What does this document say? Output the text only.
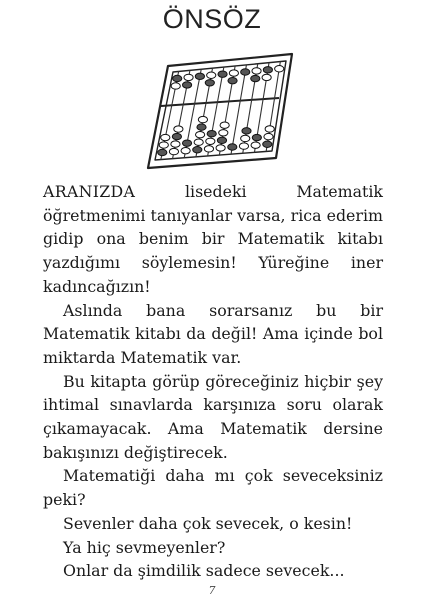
ÖNSÖZ

ARANIZDA lisedeki Matematik öğretmenimi tanıyanlar varsa, rica ederim gidip ona benim bir Matematik kitabı yazdığımı söylemesin! Yüreğine iner kadıncağızın!

Aslında bana sorarsanız bu bir Matematik kitabı da değil! Ama içinde bol miktarda Matematik var.

Bu kitapta görüp göreceğiniz hiçbir şey ihtimal sınavlarda karşınıza soru olarak çıkamayacak. Ama Matematik dersine bakışınızı değiştirecek.

Matematiği daha mı çok seveceksiniz peki?

Sevenler daha çok sevecek, o kesin!

Ya hiç sevmeyenler?

Onlar da şimdilik sadece sevecek...

7
